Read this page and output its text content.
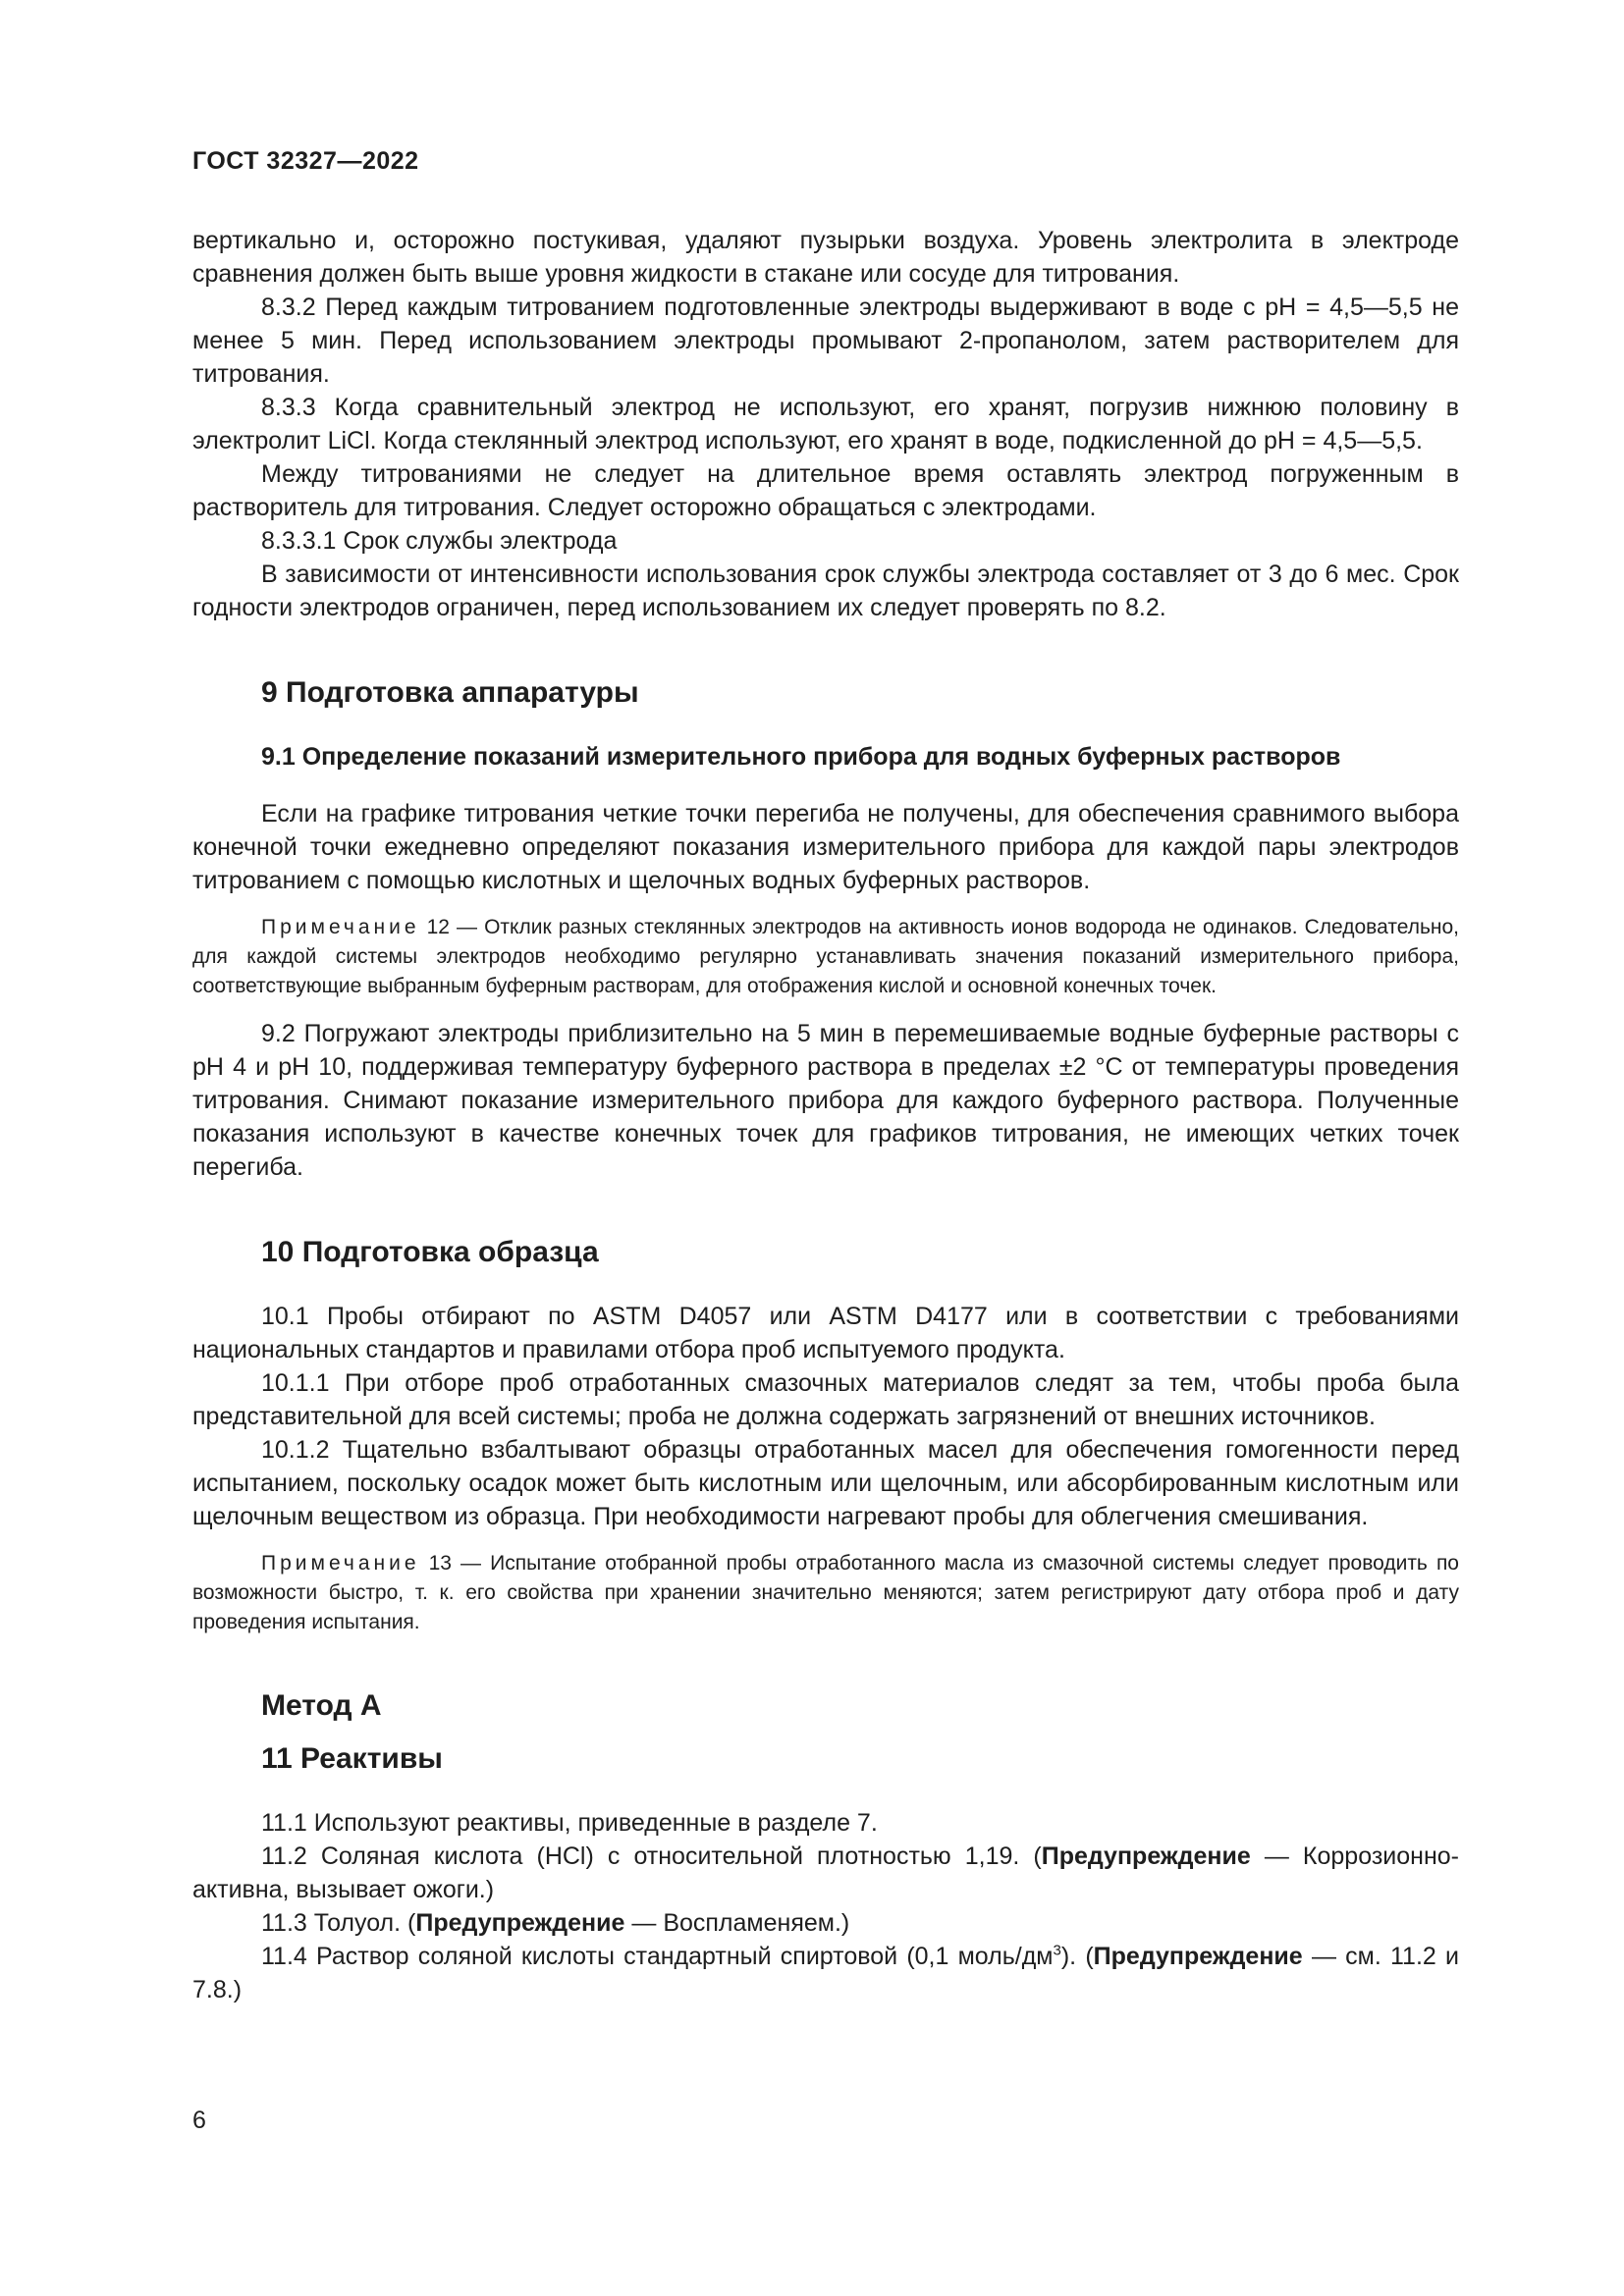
ГОСТ 32327—2022

вертикально и, осторожно постукивая, удаляют пузырьки воздуха. Уровень электролита в электроде сравнения должен быть выше уровня жидкости в стакане или сосуде для титрования.

8.3.2 Перед каждым титрованием подготовленные электроды выдерживают в воде с pH = 4,5—5,5 не менее 5 мин. Перед использованием электроды промывают 2-пропанолом, затем растворителем для титрования.

8.3.3 Когда сравнительный электрод не используют, его хранят, погрузив нижнюю половину в электролит LiCl. Когда стеклянный электрод используют, его хранят в воде, подкисленной до pH = 4,5—5,5.

Между титрованиями не следует на длительное время оставлять электрод погруженным в растворитель для титрования. Следует осторожно обращаться с электродами.

8.3.3.1 Срок службы электрода

В зависимости от интенсивности использования срок службы электрода составляет от 3 до 6 мес. Срок годности электродов ограничен, перед использованием их следует проверять по 8.2.

9 Подготовка аппаратуры
9.1 Определение показаний измерительного прибора для водных буферных растворов

Если на графике титрования четкие точки перегиба не получены, для обеспечения сравнимого выбора конечной точки ежедневно определяют показания измерительного прибора для каждой пары электродов титрованием с помощью кислотных и щелочных водных буферных растворов.

Примечание 12 — Отклик разных стеклянных электродов на активность ионов водорода не одинаков. Следовательно, для каждой системы электродов необходимо регулярно устанавливать значения показаний измерительного прибора, соответствующие выбранным буферным растворам, для отображения кислой и основной конечных точек.

9.2 Погружают электроды приблизительно на 5 мин в перемешиваемые водные буферные растворы с pH 4 и pH 10, поддерживая температуру буферного раствора в пределах ±2 °C от температуры проведения титрования. Снимают показание измерительного прибора для каждого буферного раствора. Полученные показания используют в качестве конечных точек для графиков титрования, не имеющих четких точек перегиба.

10 Подготовка образца

10.1 Пробы отбирают по ASTM D4057 или ASTM D4177 или в соответствии с требованиями национальных стандартов и правилами отбора проб испытуемого продукта.

10.1.1 При отборе проб отработанных смазочных материалов следят за тем, чтобы проба была представительной для всей системы; проба не должна содержать загрязнений от внешних источников.

10.1.2 Тщательно взбалтывают образцы отработанных масел для обеспечения гомогенности перед испытанием, поскольку осадок может быть кислотным или щелочным, или абсорбированным кислотным или щелочным веществом из образца. При необходимости нагревают пробы для облегчения смешивания.

Примечание 13 — Испытание отобранной пробы отработанного масла из смазочной системы следует проводить по возможности быстро, т. к. его свойства при хранении значительно меняются; затем регистрируют дату отбора проб и дату проведения испытания.
Метод А
11 Реактивы

11.1 Используют реактивы, приведенные в разделе 7.

11.2 Соляная кислота (HCl) с относительной плотностью 1,19. (Предупреждение — Коррозионно-активна, вызывает ожоги.)

11.3 Толуол. (Предупреждение — Воспламеняем.)

11.4 Раствор соляной кислоты стандартный спиртовой (0,1 моль/$дм^3$). (Предупреждение — см. 11.2 и 7.8.)

6
